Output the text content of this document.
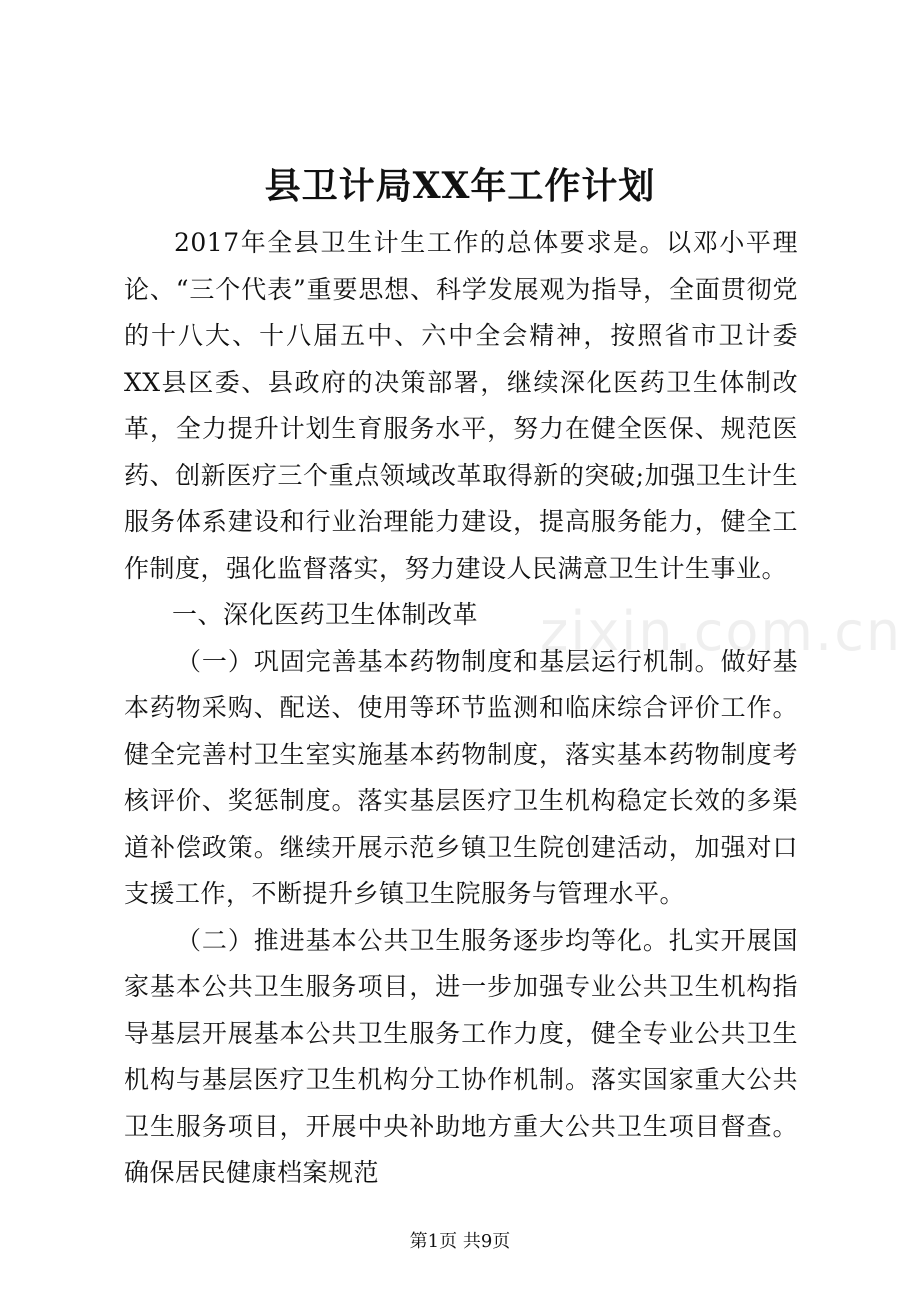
县卫计局XX年工作计划

2017年全县卫生计生工作的总体要求是。以邓小平理论、“三个代表”重要思想、科学发展观为指导，全面贯彻党的十八大、十八届五中、六中全会精神，按照省市卫计委XX县区委、县政府的决策部署，继续深化医药卫生体制改革，全力提升计划生育服务水平，努力在健全医保、规范医药、创新医疗三个重点领域改革取得新的突破;加强卫生计生服务体系建设和行业治理能力建设，提高服务能力，健全工作制度，强化监督落实，努力建设人民满意卫生计生事业。

一、深化医药卫生体制改革

（一）巩固完善基本药物制度和基层运行机制。做好基本药物采购、配送、使用等环节监测和临床综合评价工作。健全完善村卫生室实施基本药物制度，落实基本药物制度考核评价、奖惩制度。落实基层医疗卫生机构稳定长效的多渠道补偿政策。继续开展示范乡镇卫生院创建活动，加强对口支援工作，不断提升乡镇卫生院服务与管理水平。

（二）推进基本公共卫生服务逐步均等化。扎实开展国家基本公共卫生服务项目，进一步加强专业公共卫生机构指导基层开展基本公共卫生服务工作力度，健全专业公共卫生机构与基层医疗卫生机构分工协作机制。落实国家重大公共卫生服务项目，开展中央补助地方重大公共卫生项目督查。确保居民健康档案规范

zixin.com.cn
第1页 共9页
